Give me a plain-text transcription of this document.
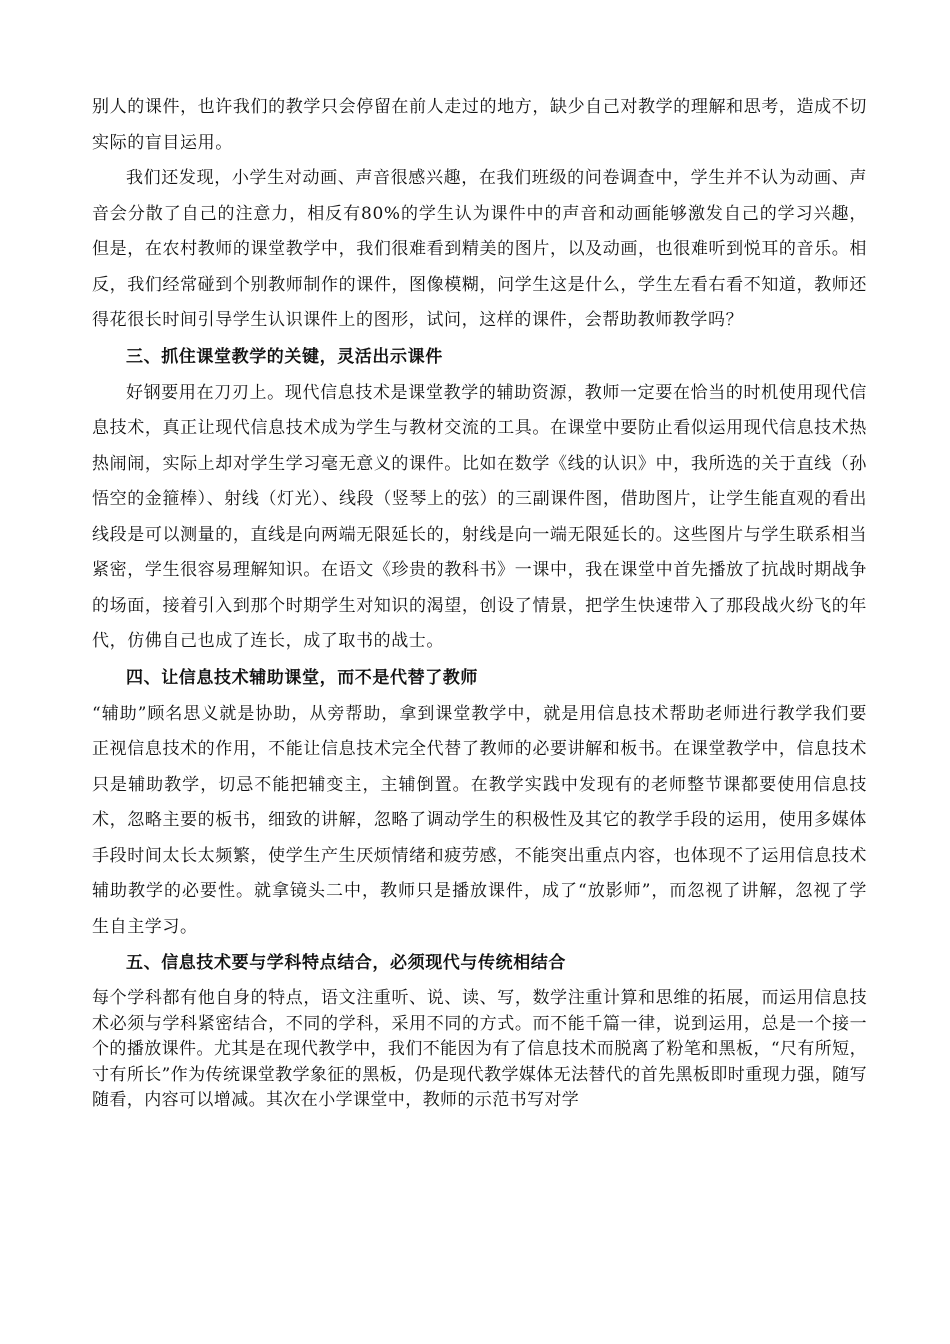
别人的课件，也许我们的教学只会停留在前人走过的地方，缺少自己对教学的理解和思考，造成不切实际的盲目运用。

我们还发现，小学生对动画、声音很感兴趣，在我们班级的问卷调查中，学生并不认为动画、声音会分散了自己的注意力，相反有80%的学生认为课件中的声音和动画能够激发自己的学习兴趣，但是，在农村教师的课堂教学中，我们很难看到精美的图片，以及动画，也很难听到悦耳的音乐。相反，我们经常碰到个别教师制作的课件，图像模糊，问学生这是什么，学生左看右看不知道，教师还得花很长时间引导学生认识课件上的图形，试问，这样的课件，会帮助教师教学吗？

三、抓住课堂教学的关键，灵活出示课件

好钢要用在刀刃上。现代信息技术是课堂教学的辅助资源，教师一定要在恰当的时机使用现代信息技术，真正让现代信息技术成为学生与教材交流的工具。在课堂中要防止看似运用现代信息技术热热闹闹，实际上却对学生学习毫无意义的课件。比如在数学《线的认识》中，我所选的关于直线（孙悟空的金箍棒）、射线（灯光）、线段（竖琴上的弦）的三副课件图，借助图片，让学生能直观的看出线段是可以测量的，直线是向两端无限延长的，射线是向一端无限延长的。这些图片与学生联系相当紧密，学生很容易理解知识。在语文《珍贵的教科书》一课中，我在课堂中首先播放了抗战时期战争的场面，接着引入到那个时期学生对知识的渴望，创设了情景，把学生快速带入了那段战火纷飞的年代，仿佛自己也成了连长，成了取书的战士。

四、让信息技术辅助课堂，而不是代替了教师

“辅助”顾名思义就是协助，从旁帮助，拿到课堂教学中，就是用信息技术帮助老师进行教学我们要正视信息技术的作用，不能让信息技术完全代替了教师的必要讲解和板书。在课堂教学中，信息技术只是辅助教学，切忌不能把辅变主，主辅倒置。在教学实践中发现有的老师整节课都要使用信息技术，忽略主要的板书，细致的讲解，忽略了调动学生的积极性及其它的教学手段的运用，使用多媒体手段时间太长太频繁，使学生产生厌烦情绪和疲劳感，不能突出重点内容，也体现不了运用信息技术辅助教学的必要性。就拿镜头二中，教师只是播放课件，成了“放影师”，而忽视了讲解，忽视了学生自主学习。

五、信息技术要与学科特点结合，必须现代与传统相结合

每个学科都有他自身的特点，语文注重听、说、读、写，数学注重计算和思维的拓展，而运用信息技术必须与学科紧密结合，不同的学科，采用不同的方式。而不能千篇一律，说到运用，总是一个接一个的播放课件。尤其是在现代教学中，我们不能因为有了信息技术而脱离了粉笔和黑板，“尺有所短，寸有所长”作为传统课堂教学象征的黑板，仍是现代教学媒体无法替代的首先黑板即时重现力强，随写随看，内容可以增减。其次在小学课堂中，教师的示范书写对学
